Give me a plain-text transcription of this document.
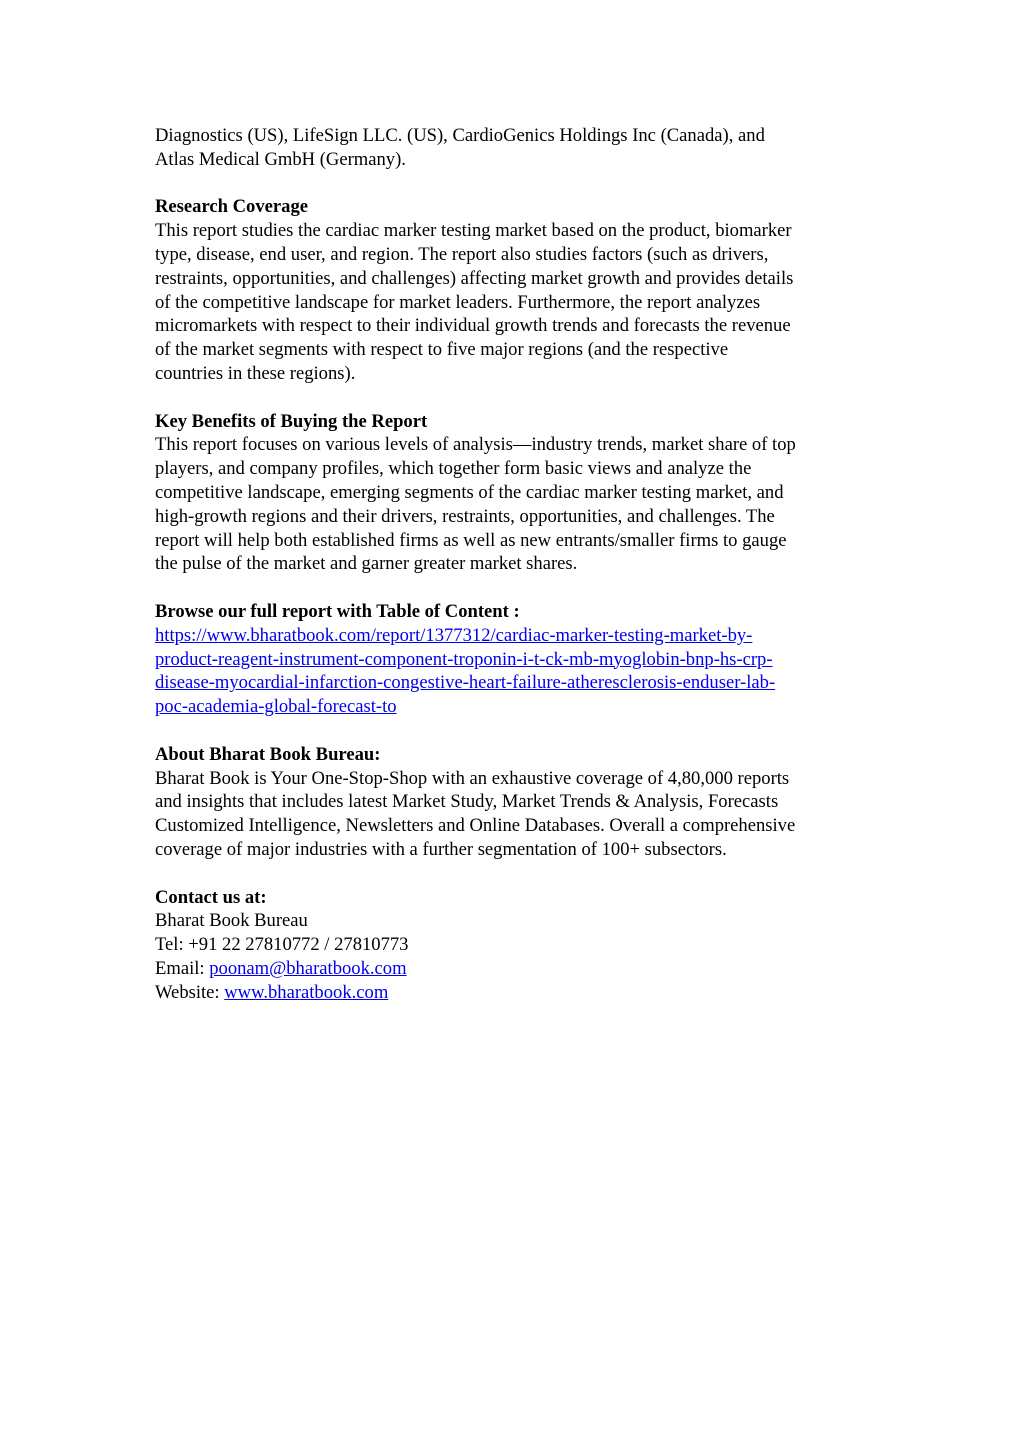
Diagnostics (US), LifeSign LLC. (US), CardioGenics Holdings Inc (Canada), and
Atlas Medical GmbH (Germany).
Research Coverage
This report studies the cardiac marker testing market based on the product, biomarker
type, disease, end user, and region. The report also studies factors (such as drivers,
restraints, opportunities, and challenges) affecting market growth and provides details
of the competitive landscape for market leaders. Furthermore, the report analyzes
micromarkets with respect to their individual growth trends and forecasts the revenue
of the market segments with respect to five major regions (and the respective
countries in these regions).
Key Benefits of Buying the Report
This report focuses on various levels of analysis—industry trends, market share of top
players, and company profiles, which together form basic views and analyze the
competitive landscape, emerging segments of the cardiac marker testing market, and
high-growth regions and their drivers, restraints, opportunities, and challenges. The
report will help both established firms as well as new entrants/smaller firms to gauge
the pulse of the market and garner greater market shares.
Browse our full report with Table of Content :
https://www.bharatbook.com/report/1377312/cardiac-marker-testing-market-by-
product-reagent-instrument-component-troponin-i-t-ck-mb-myoglobin-bnp-hs-crp-
disease-myocardial-infarction-congestive-heart-failure-atheresclerosis-enduser-lab-
poc-academia-global-forecast-to
About Bharat Book Bureau:
Bharat Book is Your One-Stop-Shop with an exhaustive coverage of 4,80,000 reports
and insights that includes latest Market Study, Market Trends & Analysis, Forecasts
Customized Intelligence, Newsletters and Online Databases. Overall a comprehensive
coverage of major industries with a further segmentation of 100+ subsectors.
Contact us at:
Bharat Book Bureau
Tel: +91 22 27810772 / 27810773
Email: poonam@bharatbook.com
Website: www.bharatbook.com
